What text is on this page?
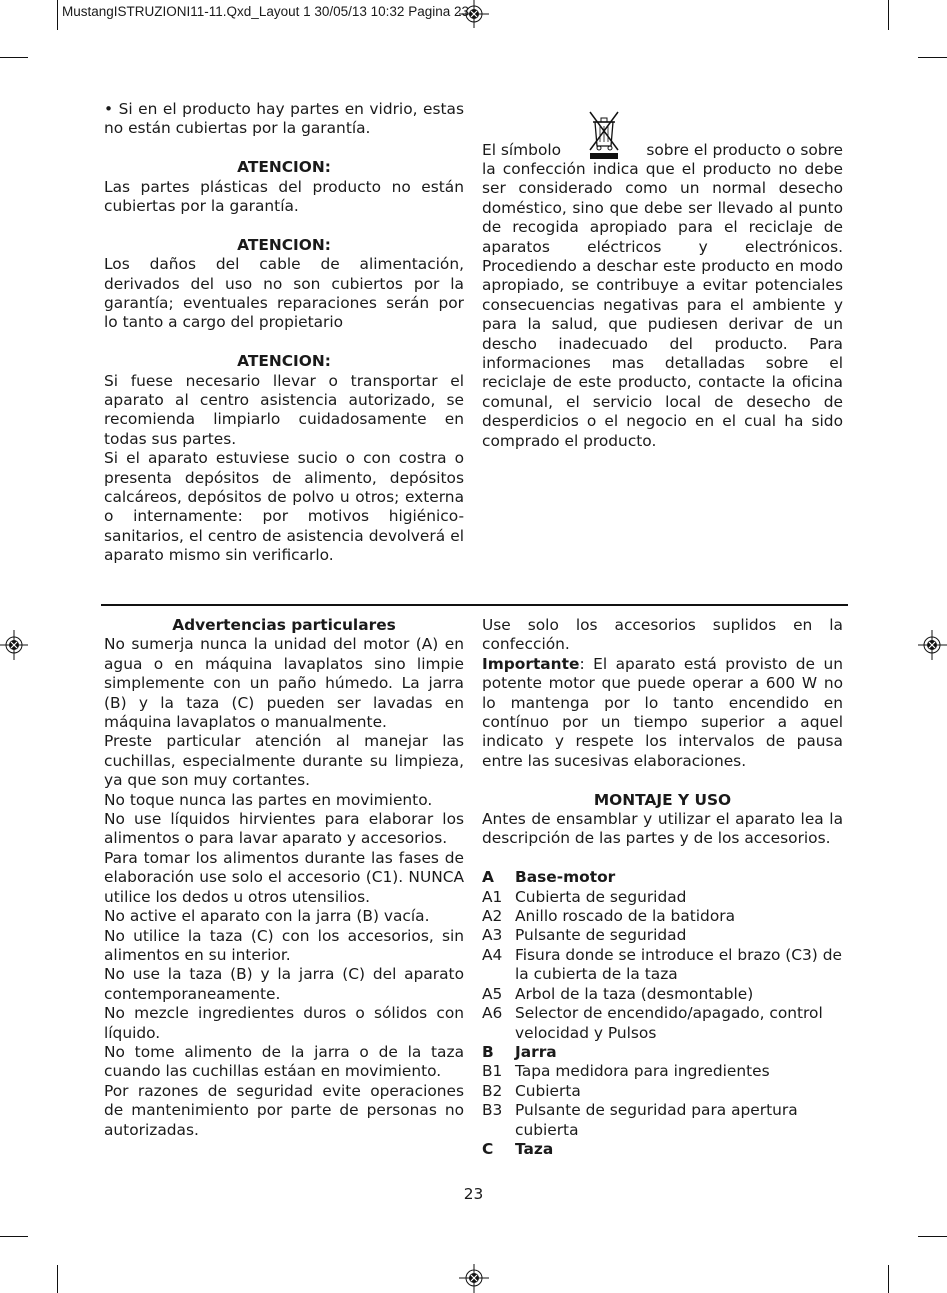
MustangISTRUZIONI11-11.Qxd_Layout 1 30/05/13 10:32 Pagina 23

• Si en el producto hay partes en vidrio, estas no están cubiertas por la garantía.

ATENCION:

Las partes plásticas del producto no están cubiertas por la garantía.

ATENCION:

Los daños del cable de alimentación, derivados del uso no son cubiertos por la garantía; eventuales reparaciones serán por lo tanto a cargo del propietario

ATENCION:

Si fuese necesario llevar o transportar el aparato al centro asistencia autorizado, se recomienda limpiarlo cuidadosamente en todas sus partes.

Si el aparato estuviese sucio o con costra o presenta depósitos de alimento, depósitos calcáreos, depósitos de polvo u otros; externa o internamente: por motivos higiénico-sanitarios, el centro de asistencia devolverá el aparato mismo sin verificarlo.

El símbolo	sobre el producto o sobre

la confección indica que el producto no debe ser considerado como un normal desecho doméstico, sino que debe ser llevado al punto de recogida apropiado para el reciclaje de aparatos eléctricos y electrónicos. Procediendo a deschar este producto en modo apropiado, se contribuye a evitar potenciales consecuencias negativas para el ambiente y para la salud, que pudiesen derivar de un descho inadecuado del producto. Para informaciones mas detalladas sobre el reciclaje de este producto, contacte la oficina comunal, el servicio local de desecho de desperdicios o el negocio en el cual ha sido comprado el producto.

Advertencias particulares

No sumerja nunca la unidad del motor (A) en agua o en máquina lavaplatos sino limpie simplemente con un paño húmedo. La jarra (B) y la taza (C) pueden ser lavadas en máquina lavaplatos o manualmente.

Preste particular atención al manejar las cuchillas, especialmente durante su limpieza, ya que son muy cortantes.

No toque nunca las partes en movimiento.

No use líquidos hirvientes para elaborar los alimentos o para lavar aparato y accesorios.

Para tomar los alimentos durante las fases de elaboración use solo el accesorio (C1). NUNCA utilice los dedos u otros utensilios.

No active el aparato con la jarra (B) vacía.

No utilice la taza (C) con los accesorios, sin alimentos en su interior.

No use la taza (B) y la jarra (C) del aparato contemporaneamente.

No mezcle ingredientes duros o sólidos con líquido.

No tome alimento de la jarra o de la taza cuando las cuchillas estáan en movimiento.

Por razones de seguridad evite operaciones de mantenimiento por parte de personas no autorizadas.

Use solo los accesorios suplidos en la confección.

Importante: El aparato está provisto de un potente motor que puede operar a 600 W no lo mantenga por lo tanto encendido en contínuo por un tiempo superior a aquel indicato y respete los intervalos de pausa entre las sucesivas elaboraciones.

MONTAJE Y USO

Antes de ensamblar y utilizar el aparato lea la descripción de las partes y de los accesorios.

A	Base-motor
A1 Cubierta de seguridad
A2 Anillo roscado de la batidora
A3 Pulsante de seguridad
A4 Fisura donde se introduce el brazo (C3) de la cubierta de la taza
A5 Arbol de la taza (desmontable)
A6 Selector de encendido/apagado, control velocidad y Pulsos
B	Jarra
B1 Tapa medidora para ingredientes
B2 Cubierta
B3 Pulsante de seguridad para apertura cubierta
C	Taza
23
